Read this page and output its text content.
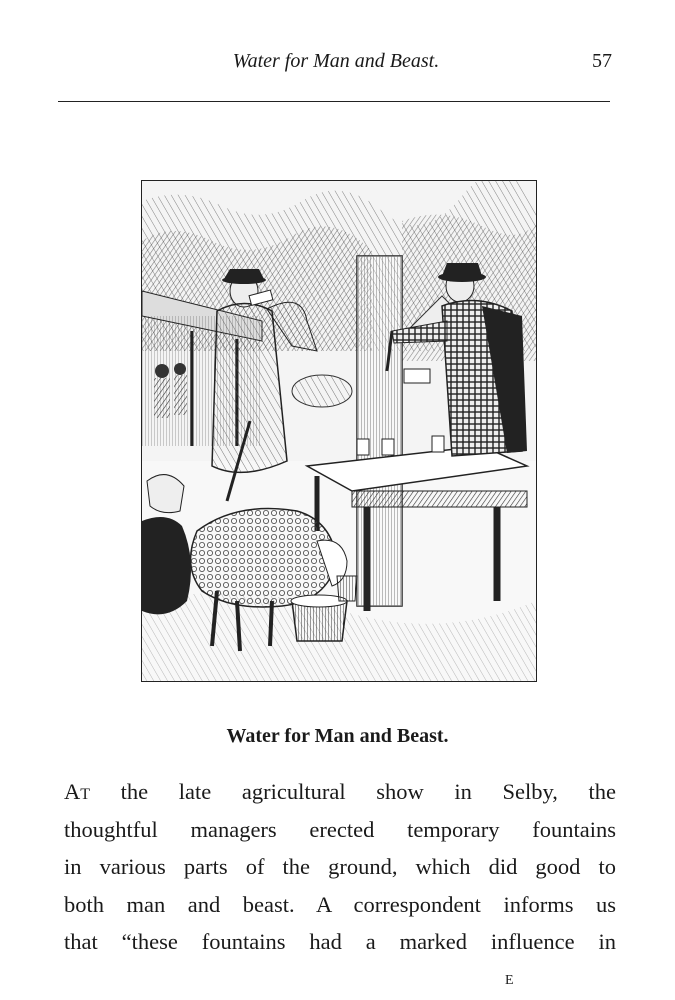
Water for Man and Beast.	57
Water for Man and Beast.
At the late agricultural show in Selby, the
thoughtful managers erected temporary fountains
in various parts of the ground, which did good to
both man and beast. A correspondent informs us
that “these fountains had a marked influence in
E
